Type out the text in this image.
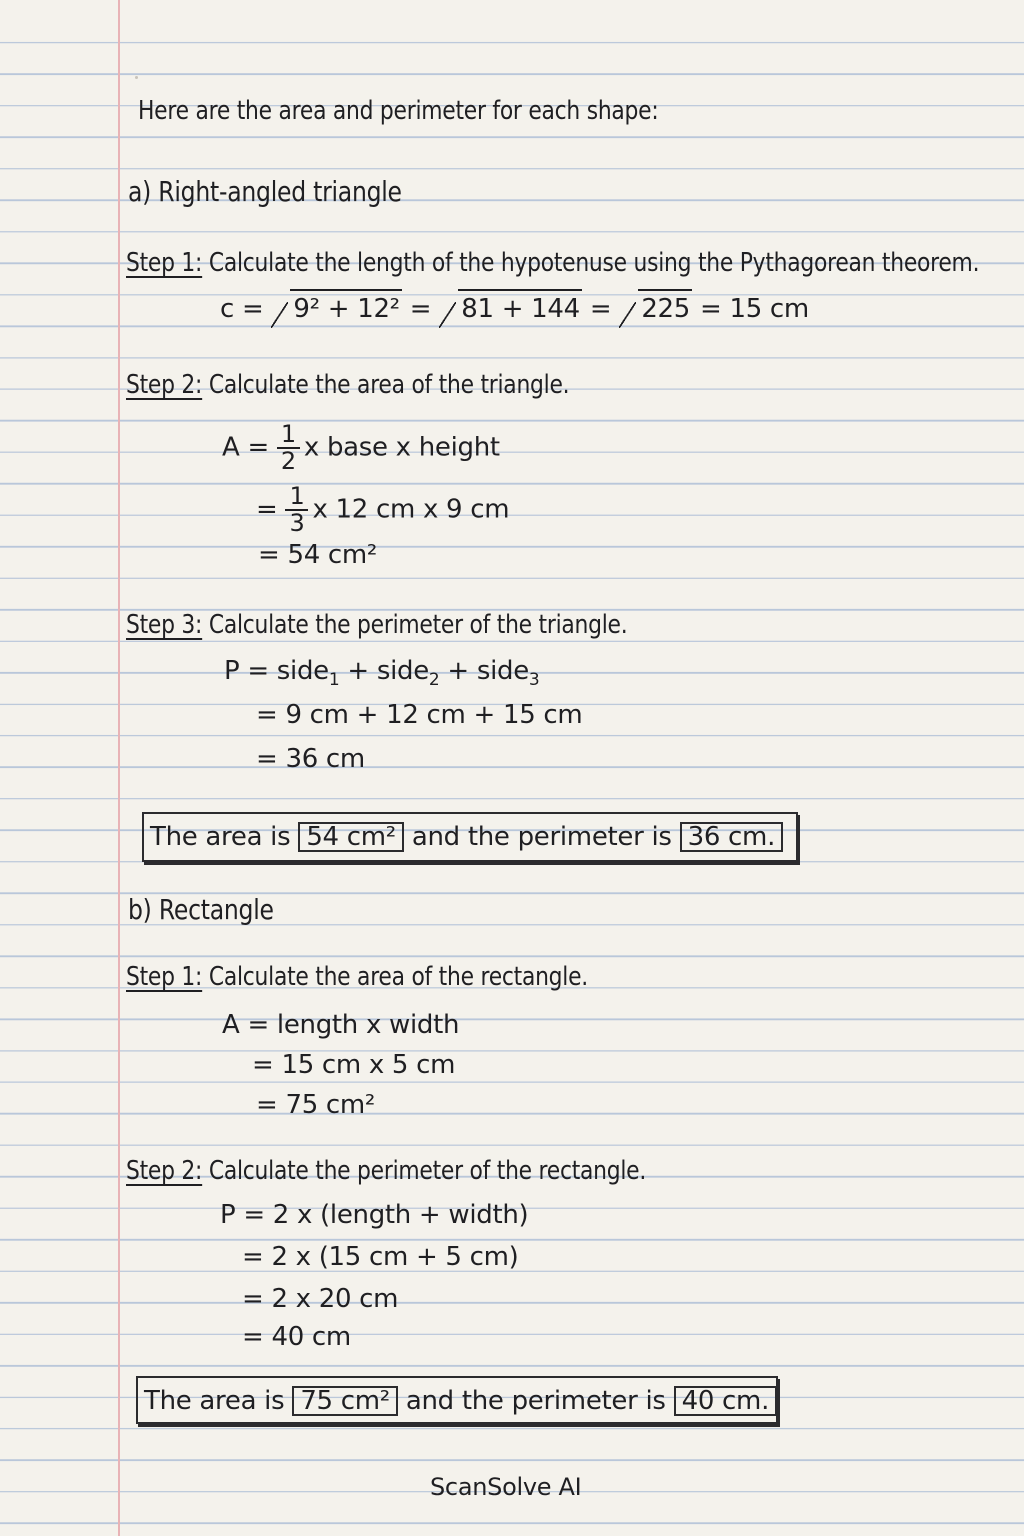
Here are the area and perimeter for each shape:
a) Right-angled triangle
Step 1: Calculate the length of the hypotenuse using the Pythagorean theorem.
c = 9² + 12² = 81 + 144 = 225 = 15 cm
Step 2: Calculate the area of the triangle.
$A = \frac{1}{2}$ x base x height
= $\frac{1}{3}$ x 12 cm x 9 cm
= 54 cm²
Step 3: Calculate the perimeter of the triangle.
P = side$_1$ + side$_2$ + side$_3$
= 9 cm + 12 cm + 15 cm
= 36 cm
The area is 54 cm² and the perimeter is 36 cm.
b) Rectangle
Step 1: Calculate the area of the rectangle.
A = length x width
= 15 cm x 5 cm
= 75 cm²
Step 2: Calculate the perimeter of the rectangle.
P = 2 x (length + width)
= 2 x (15 cm + 5 cm)
= 2 x 20 cm
= 40 cm
The area is 75 cm² and the perimeter is 40 cm.
ScanSolve AI
